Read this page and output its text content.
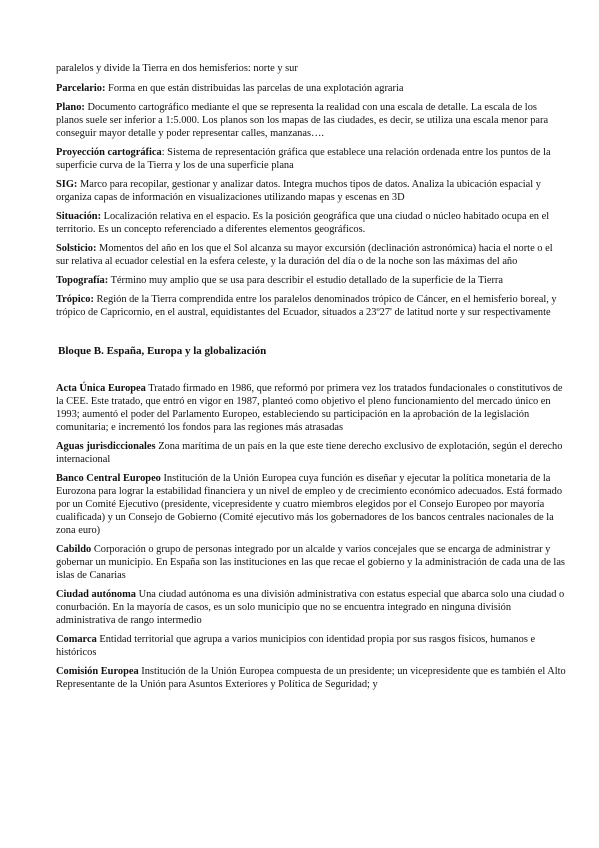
paralelos y divide la Tierra en dos hemisferios: norte y sur

Parcelario: Forma en que están distribuidas las parcelas de una explotación agraria

Plano: Documento cartográfico mediante el que se representa la realidad con una escala de detalle. La escala de los planos suele ser inferior a 1:5.000. Los planos son los mapas de las ciudades, es decir, se utiliza una escala menor para conseguir mayor detalle y poder representar calles, manzanas….

Proyección cartográfica: Sistema de representación gráfica que establece una relación ordenada entre los puntos de la superficie curva de la Tierra y los de una superficie plana

SIG: Marco para recopilar, gestionar y analizar datos. Integra muchos tipos de datos. Analiza la ubicación espacial y organiza capas de información en visualizaciones utilizando mapas y escenas en 3D

Situación: Localización relativa en el espacio. Es la posición geográfica que una ciudad o núcleo habitado ocupa en el territorio. Es un concepto referenciado a diferentes elementos geográficos.

Solsticio: Momentos del año en los que el Sol alcanza su mayor excursión (declinación astronómica) hacia el norte o el sur relativa al ecuador celestial en la esfera celeste, y la duración del día o de la noche son las máximas del año

Topografía: Término muy amplio que se usa para describir el estudio detallado de la superficie de la Tierra

Trópico: Región de la Tierra comprendida entre los paralelos denominados trópico de Cáncer, en el hemisferio boreal, y trópico de Capricornio, en el austral, equidistantes del Ecuador, situados a 23º27' de latitud norte y sur respectivamente

Bloque B. España, Europa y la globalización

Acta Única Europea Tratado firmado en 1986, que reformó por primera vez los tratados fundacionales o constitutivos de la CEE. Este tratado, que entró en vigor en 1987, planteó como objetivo el pleno funcionamiento del mercado único en 1993; aumentó el poder del Parlamento Europeo, estableciendo su participación en la aprobación de la legislación comunitaria; e incrementó los fondos para las regiones más atrasadas

Aguas jurisdiccionales Zona marítima de un país en la que este tiene derecho exclusivo de explotación, según el derecho internacional

Banco Central Europeo Institución de la Unión Europea cuya función es diseñar y ejecutar la política monetaria de la Eurozona para lograr la estabilidad financiera y un nivel de empleo y de crecimiento económico adecuados. Está formado por un Comité Ejecutivo (presidente, vicepresidente y cuatro miembros elegidos por el Consejo Europeo por mayoría cualificada) y un Consejo de Gobierno (Comité ejecutivo más los gobernadores de los bancos centrales nacionales de la zona euro)

Cabildo Corporación o grupo de personas integrado por un alcalde y varios concejales que se encarga de administrar y gobernar un municipio. En España son las instituciones en las que recae el gobierno y la administración de cada una de las islas de Canarias

Ciudad autónoma Una ciudad autónoma es una división administrativa con estatus especial que abarca solo una ciudad o conurbación. En la mayoría de casos, es un solo municipio que no se encuentra integrado en ninguna división administrativa de rango intermedio

Comarca Entidad territorial que agrupa a varios municipios con identidad propia por sus rasgos físicos, humanos e históricos

Comisión Europea Institución de la Unión Europea compuesta de un presidente; un vicepresidente que es también el Alto Representante de la Unión para Asuntos Exteriores y Política de Seguridad; y
